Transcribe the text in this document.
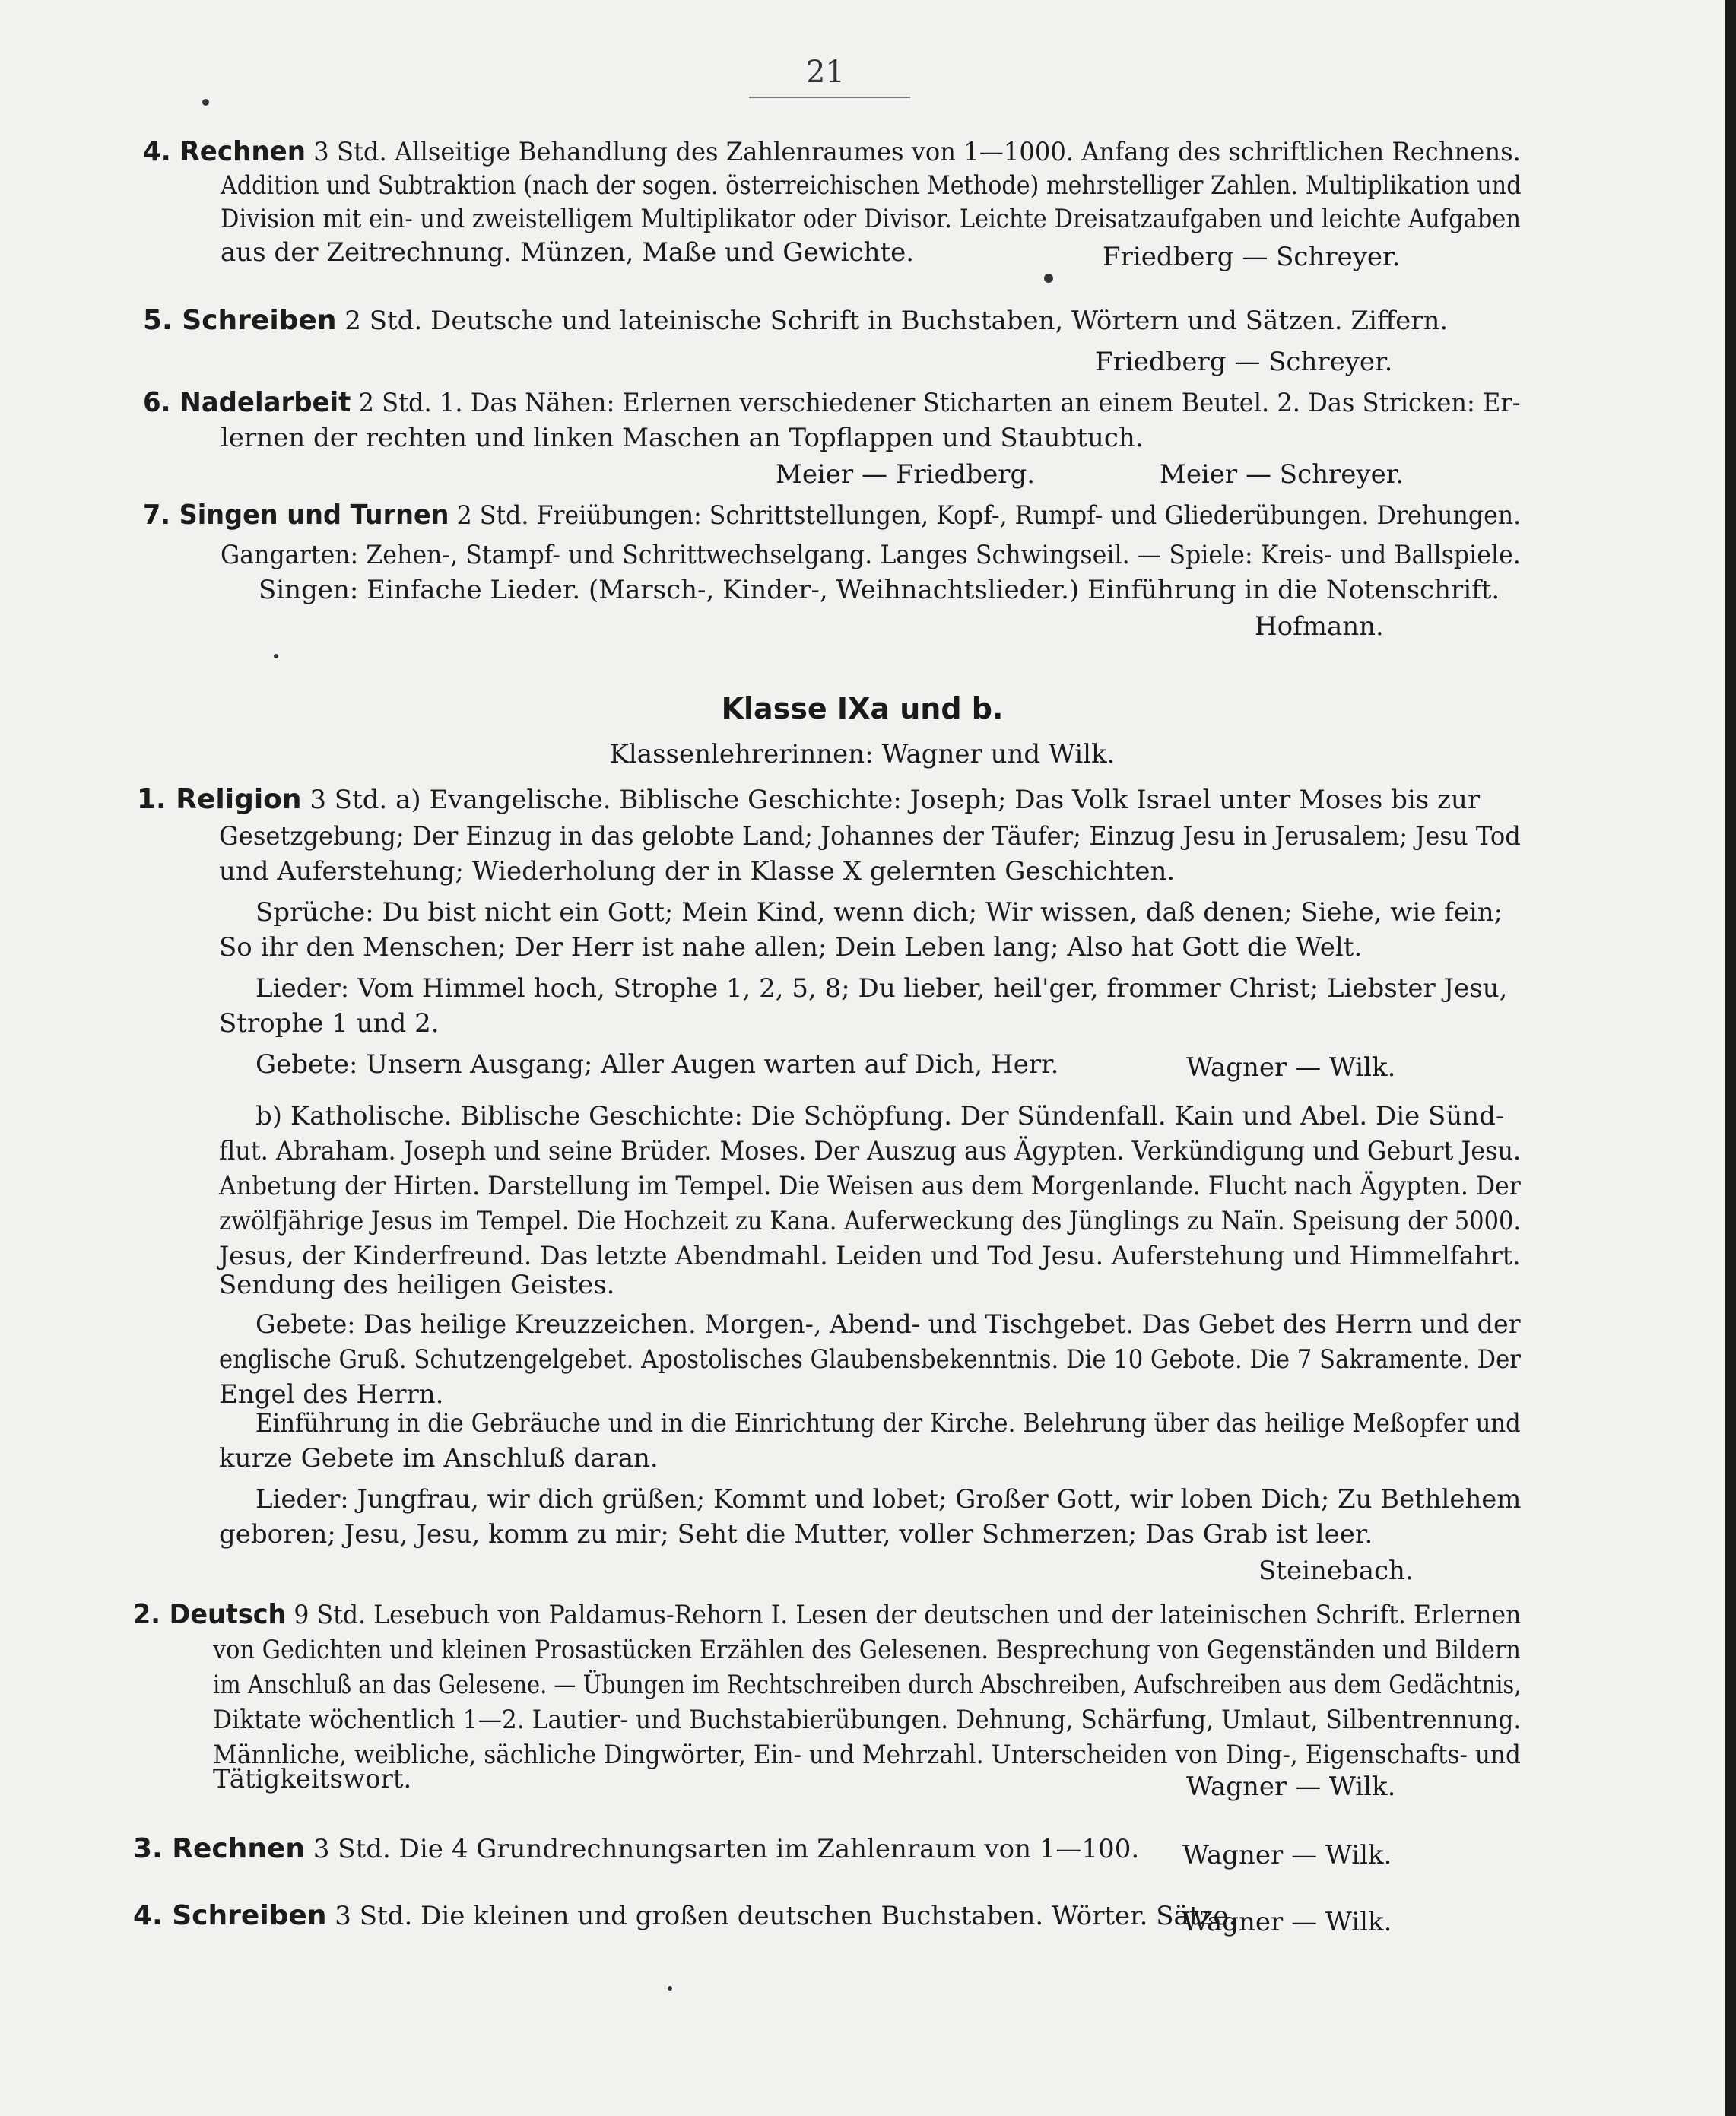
21
4. Rechnen 3 Std. Allseitige Behandlung des Zahlenraumes von 1—1000. Anfang des schriftlichen Rechnens.
Addition und Subtraktion (nach der sogen. österreichischen Methode) mehrstelliger Zahlen. Multiplikation und
Division mit ein- und zweistelligem Multiplikator oder Divisor. Leichte Dreisatzaufgaben und leichte Aufgaben
aus der Zeitrechnung. Münzen, Maße und Gewichte.	Friedberg — Schreyer.
5. Schreiben 2 Std. Deutsche und lateinische Schrift in Buchstaben, Wörtern und Sätzen. Ziffern.
Friedberg — Schreyer.
6. Nadelarbeit 2 Std. 1. Das Nähen: Erlernen verschiedener Sticharten an einem Beutel. 2. Das Stricken: Er-
lernen der rechten und linken Maschen an Topflappen und Staubtuch.
Meier — Friedberg.	Meier — Schreyer.
7. Singen und Turnen 2 Std. Freiübungen: Schrittstellungen, Kopf-, Rumpf- und Gliederübungen. Drehungen.
Gangarten: Zehen-, Stampf- und Schrittwechselgang. Langes Schwingseil. — Spiele: Kreis- und Ballspiele.
Singen: Einfache Lieder. (Marsch-, Kinder-, Weihnachtslieder.) Einführung in die Notenschrift.
Hofmann.
Klasse IXa und b.
Klassenlehrerinnen: Wagner und Wilk.
1. Religion 3 Std. a) Evangelische. Biblische Geschichte: Joseph; Das Volk Israel unter Moses bis zur
Gesetzgebung; Der Einzug in das gelobte Land; Johannes der Täufer; Einzug Jesu in Jerusalem; Jesu Tod
und Auferstehung; Wiederholung der in Klasse X gelernten Geschichten.
Sprüche: Du bist nicht ein Gott; Mein Kind, wenn dich; Wir wissen, daß denen; Siehe, wie fein;
So ihr den Menschen; Der Herr ist nahe allen; Dein Leben lang; Also hat Gott die Welt.
Lieder: Vom Himmel hoch, Strophe 1, 2, 5, 8; Du lieber, heil'ger, frommer Christ; Liebster Jesu,
Strophe 1 und 2.
Gebete: Unsern Ausgang; Aller Augen warten auf Dich, Herr.	Wagner — Wilk.
b) Katholische. Biblische Geschichte: Die Schöpfung. Der Sündenfall. Kain und Abel. Die Sünd-
flut. Abraham. Joseph und seine Brüder. Moses. Der Auszug aus Ägypten. Verkündigung und Geburt Jesu.
Anbetung der Hirten. Darstellung im Tempel. Die Weisen aus dem Morgenlande. Flucht nach Ägypten. Der
zwölfjährige Jesus im Tempel. Die Hochzeit zu Kana. Auferweckung des Jünglings zu Naïn. Speisung der 5000.
Jesus, der Kinderfreund. Das letzte Abendmahl. Leiden und Tod Jesu. Auferstehung und Himmelfahrt.
Sendung des heiligen Geistes.
Gebete: Das heilige Kreuzzeichen. Morgen-, Abend- und Tischgebet. Das Gebet des Herrn und der
englische Gruß. Schutzengelgebet. Apostolisches Glaubensbekenntnis. Die 10 Gebote. Die 7 Sakramente. Der
Engel des Herrn.
Einführung in die Gebräuche und in die Einrichtung der Kirche. Belehrung über das heilige Meßopfer und
kurze Gebete im Anschluß daran.
Lieder: Jungfrau, wir dich grüßen; Kommt und lobet; Großer Gott, wir loben Dich; Zu Bethlehem
geboren; Jesu, Jesu, komm zu mir; Seht die Mutter, voller Schmerzen; Das Grab ist leer.
Steinebach.
2. Deutsch 9 Std. Lesebuch von Paldamus-Rehorn I. Lesen der deutschen und der lateinischen Schrift. Erlernen
von Gedichten und kleinen Prosastücken Erzählen des Gelesenen. Besprechung von Gegenständen und Bildern
im Anschluß an das Gelesene. — Übungen im Rechtschreiben durch Abschreiben, Aufschreiben aus dem Gedächtnis,
Diktate wöchentlich 1—2. Lautier- und Buchstabierübungen. Dehnung, Schärfung, Umlaut, Silbentrennung.
Männliche, weibliche, sächliche Dingwörter, Ein- und Mehrzahl. Unterscheiden von Ding-, Eigenschafts- und
Tätigkeitswort.	Wagner — Wilk.
3. Rechnen 3 Std. Die 4 Grundrechnungsarten im Zahlenraum von 1—100. Wagner — Wilk.
4. Schreiben 3 Std. Die kleinen und großen deutschen Buchstaben. Wörter. Sätze.
Wagner — Wilk.
